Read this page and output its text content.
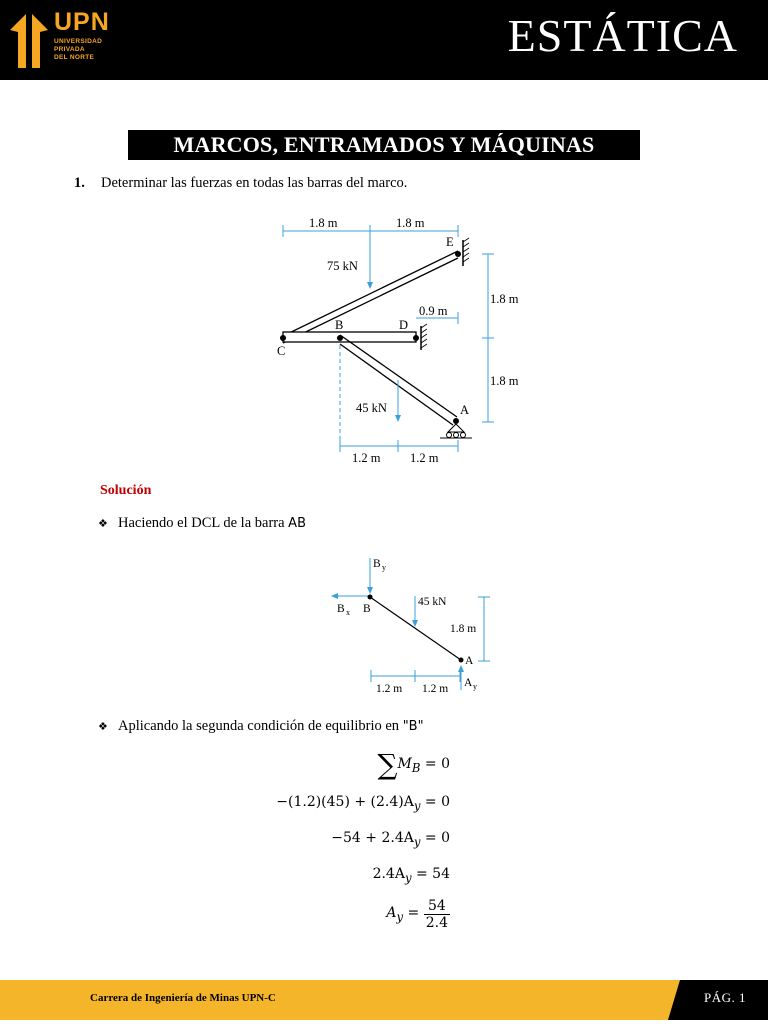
UPN
UNIVERSIDAD
PRIVADA
DEL NORTE	ESTÁTICA
MARCOS, ENTRAMADOS Y MÁQUINAS
1. Determinar las fuerzas en todas las barras del marco.
1.8 m	1.8 m
75 kN
E
D
B
C
0.9 m
1.8 m
1.8 m
45 kN	A
1.2 m 1.2 m
Solución
❖ Haciendo el DCL de la barra AB
B y
B x B
45 kN
1.8 m
A
A y
1.2 m 1.2 m
❖ Aplicando la segunda condición de equilibrio en "B"
$\sum M_B = 0$
$-(1.2)(45) + (2.4)A_y = 0$
$-54 + 2.4A_y = 0$
$2.4A_y = 54$
$A_y = \frac{54}{2.4}$
Carrera de Ingeniería de Minas UPN-C	PÁG. 1
